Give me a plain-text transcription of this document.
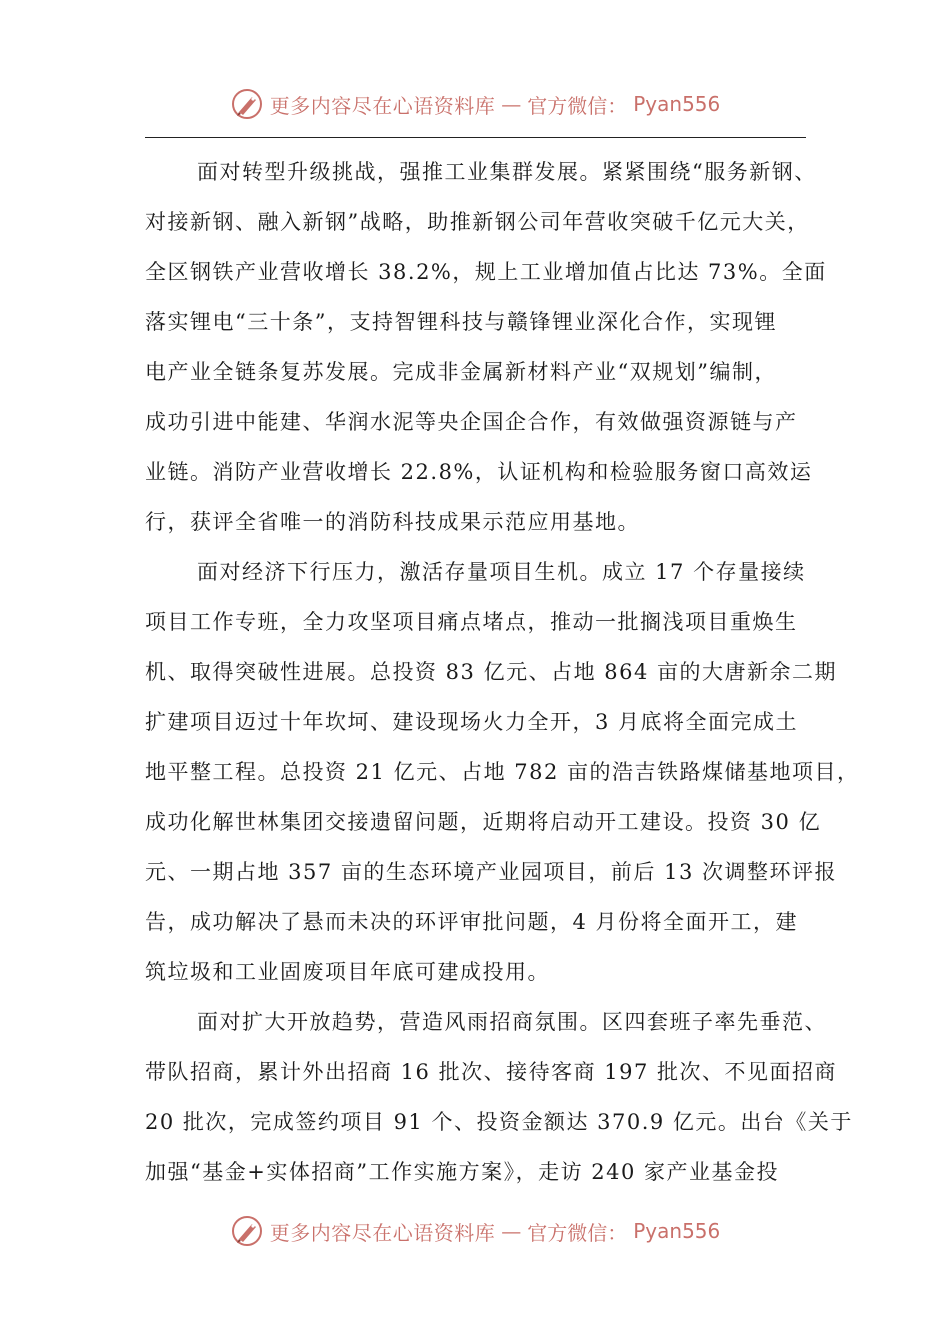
更多内容尽在心语资料库 — 官方微信： Pyan556

面对转型升级挑战，强推工业集群发展。紧紧围绕“服务新钢、
对接新钢、融入新钢”战略，助推新钢公司年营收突破千亿元大关，
全区钢铁产业营收增长 38.2%，规上工业增加值占比达 73%。全面
落实锂电“三十条”，支持智锂科技与赣锋锂业深化合作，实现锂
电产业全链条复苏发展。完成非金属新材料产业“双规划”编制，
成功引进中能建、华润水泥等央企国企合作，有效做强资源链与产
业链。消防产业营收增长 22.8%，认证机构和检验服务窗口高效运
行，获评全省唯一的消防科技成果示范应用基地。

面对经济下行压力，激活存量项目生机。成立 17 个存量接续
项目工作专班，全力攻坚项目痛点堵点，推动一批搁浅项目重焕生
机、取得突破性进展。总投资 83 亿元、占地 864 亩的大唐新余二期
扩建项目迈过十年坎坷、建设现场火力全开，3 月底将全面完成土
地平整工程。总投资 21 亿元、占地 782 亩的浩吉铁路煤储基地项目，
成功化解世林集团交接遗留问题，近期将启动开工建设。投资 30 亿
元、一期占地 357 亩的生态环境产业园项目，前后 13 次调整环评报
告，成功解决了悬而未决的环评审批问题，4 月份将全面开工，建
筑垃圾和工业固废项目年底可建成投用。

面对扩大开放趋势，营造风雨招商氛围。区四套班子率先垂范、
带队招商，累计外出招商 16 批次、接待客商 197 批次、不见面招商
20 批次，完成签约项目 91 个、投资金额达 370.9 亿元。出台《关于
加强“基金+实体招商”工作实施方案》，走访 240 家产业基金投

更多内容尽在心语资料库 — 官方微信： Pyan556
